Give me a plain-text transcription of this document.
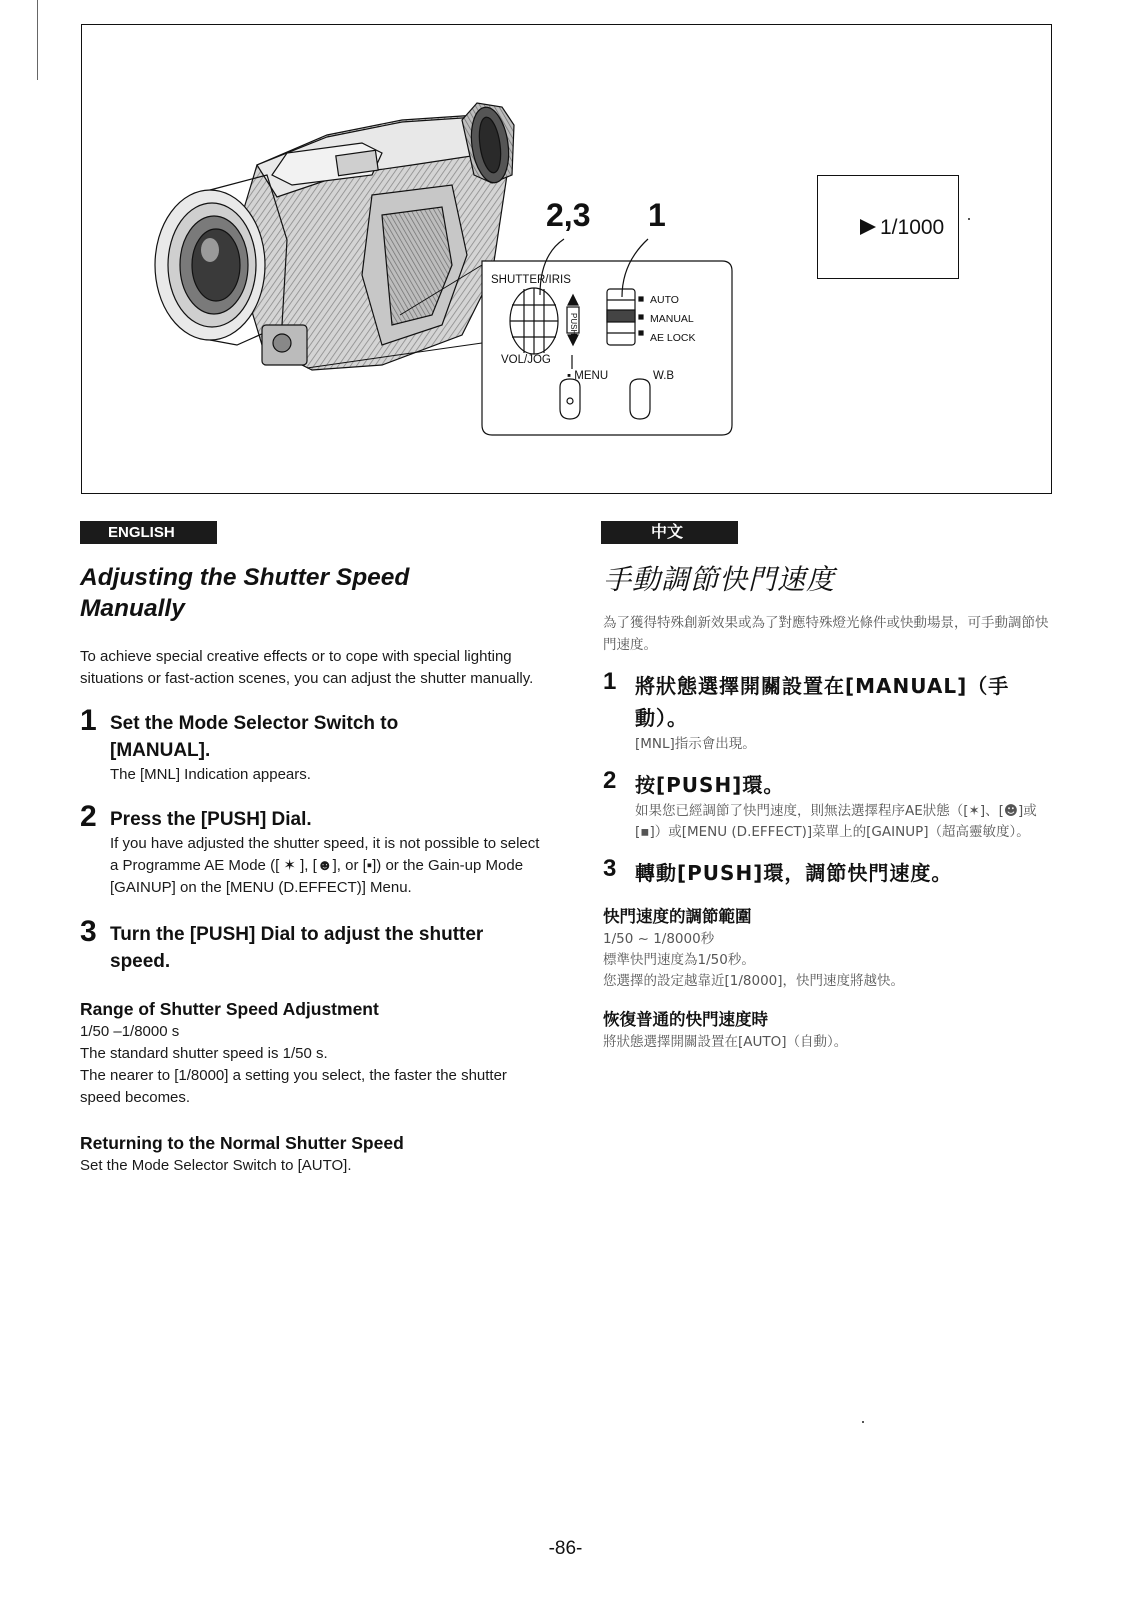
2,3 1
SHUTTER/IRIS
PUSH
AUTO
MANUAL
AE LOCK
VOL/JOG
▪ MENU	W.B
1/1000
ENGLISH	中文
Adjusting the Shutter Speed Manually

To achieve special creative effects or to cope with special lighting situations or fast-action scenes, you can adjust the shutter manually.

1 Set the Mode Selector Switch to [MANUAL].
The [MNL] Indication appears.
2 Press the [PUSH] Dial.
If you have adjusted the shutter speed, it is not possible to select a Programme AE Mode ([ ✶ ], [☻], or [▪]) or the Gain-up Mode [GAINUP] on the [MENU (D.EFFECT)] Menu.
3 Turn the [PUSH] Dial to adjust the shutter speed.
Range of Shutter Speed Adjustment
1/50 –1/8000 s
The standard shutter speed is 1/50 s.
The nearer to [1/8000] a setting you select, the faster the shutter speed becomes.
Returning to the Normal Shutter Speed
Set the Mode Selector Switch to [AUTO].
手動調節快門速度

為了獲得特殊創新效果或為了對應特殊燈光條件或快動場景，可手動調節快門速度。

1 將狀態選擇開關設置在[MANUAL]（手動）。
[MNL]指示會出現。
2 按[PUSH]環。
如果您已經調節了快門速度，則無法選擇程序AE狀態（[✶]、[☻]或[▪]）或[MENU (D.EFFECT)]菜單上的[GAINUP]（超高靈敏度）。
3 轉動[PUSH]環，調節快門速度。
快門速度的調節範圍
1/50 ~ 1/8000秒
標準快門速度為1/50秒。
您選擇的設定越靠近[1/8000]，快門速度將越快。
恢復普通的快門速度時
將狀態選擇開關設置在[AUTO]（自動）。
-86-
